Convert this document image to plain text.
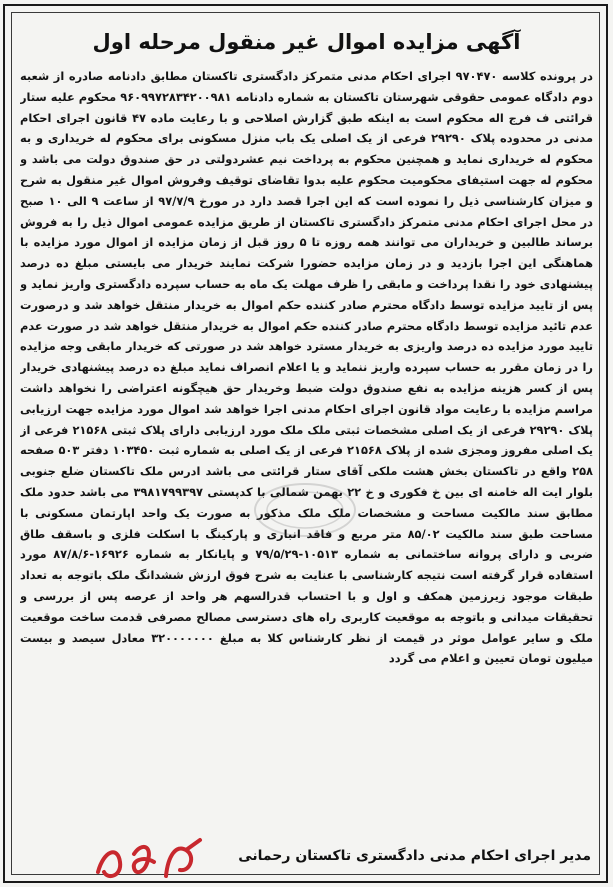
آگهی مزایده اموال غیر منقول مرحله اول
در پرونده کلاسه ۹۷۰۴۷۰ اجرای احکام مدنی متمرکز دادگستری تاکستان مطابق دادنامه صادره از شعبه دوم دادگاه عمومی حقوقی شهرستان تاکستان به شماره دادنامه ۹۶۰۹۹۷۲۸۳۴۲۰۰۹۸۱ محکوم علیه ستار قرائتی ف فرج اله محکوم است به اینکه طبق گزارش اصلاحی و با رعایت ماده ۴۷ قانون اجرای احکام مدنی در محدوده پلاک ۲۹۲۹۰ فرعی از یک اصلی یک باب منزل مسکونی برای محکوم له خریداری و به محکوم له خریداری نماید و همچنین محکوم به پرداخت نیم عشردولتی در حق صندوق دولت می باشد و محکوم له جهت استیفای محکومیت محکوم علیه بدوا تقاضای توقیف وفروش اموال غیر منقول به شرح و میزان کارشناسی ذیل را نموده است که این اجرا قصد دارد در مورخ ۹۷/۷/۹ از ساعت ۹ الی ۱۰ صبح در محل اجرای احکام مدنی متمرکز دادگستری تاکستان از طریق مزایده عمومی اموال ذیل را به فروش برساند طالبین و خریداران می توانند همه روزه تا ۵ روز قبل از زمان مزایده از اموال مورد مزایده با هماهنگی این اجرا بازدید و در زمان مزایده حضورا شرکت نمایند خریدار می بایستی مبلغ ده درصد پیشنهادی خود را نقدا پرداخت و مابقی را ظرف مهلت یک ماه به حساب سپرده دادگستری واریز نماید و پس از تایید مزایده توسط دادگاه محترم صادر کننده حکم اموال به خریدار منتقل خواهد شد و درصورت عدم تائید مزایده توسط دادگاه محترم صادر کننده حکم اموال به خریدار منتقل خواهد شد در صورت عدم تایید مورد مزایده ده درصد واریزی به خریدار مسترد خواهد شد در صورتی که خریدار مابقی وجه مزایده را در زمان مقرر به حساب سپرده واریز ننماید و یا اعلام انصراف نماید مبلغ ده درصد پیشنهادی خریدار پس از کسر هزینه مزایده به نفع صندوق دولت ضبط وخریدار حق هیچگونه اعتراضی را نخواهد داشت مراسم مزایده با رعایت مواد قانون اجرای احکام مدنی اجرا خواهد شد اموال مورد مزایده جهت ارزیابی پلاک ۲۹۲۹۰ فرعی از یک اصلی مشخصات ثبتی ملک ملک مورد ارزیابی دارای پلاک ثبتی ۲۱۵۶۸ فرعی از یک اصلی مفروز ومجزی شده از پلاک ۲۱۵۶۸ فرعی از یک اصلی به شماره ثبت ۱۰۳۴۵۰ دفتر ۵۰۳ صفحه ۲۵۸ واقع در تاکستان بخش هشت ملکی آقای ستار قرائتی می باشد ادرس ملک تاکستان ضلع جنوبی بلوار ایت اله خامنه ای بین خ فکوری و خ ۲۲ بهمن شمالی با کدپستی ۳۹۸۱۷۹۹۳۹۷ می باشد حدود ملک مطابق سند مالکیت مساحت و مشخصات ملک ملک مذکور به صورت یک واحد اپارتمان مسکونی با مساحت طبق سند مالکیت ۸۵/۰۲ متر مربع و فاقد انباری و پارکینگ با اسکلت فلزی و باسقف طاق ضربی و دارای پروانه ساختمانی به شماره ۱۰۵۱۳-۷۹/۵/۲۹ و پایانکار به شماره ۱۶۹۲۶-۸۷/۸/۶ مورد استفاده قرار گرفته است نتیجه کارشناسی با عنایت به شرح فوق ارزش ششدانگ ملک باتوجه به تعداد طبقات موجود زیرزمین همکف و اول و با احتساب قدرالسهم هر واحد از عرصه پس از بررسی و تحقیقات میدانی و باتوجه به موقعیت کاربری راه های دسترسی مصالح مصرفی قدمت ساخت موقعیت ملک و سایر عوامل موثر در قیمت از نظر کارشناس کلا به مبلغ ۳۲۰۰۰۰۰۰۰ معادل سیصد و بیست میلیون تومان تعیین و اعلام می گردد
مدیر اجرای احکام مدنی دادگستری تاکستان رحمانی
